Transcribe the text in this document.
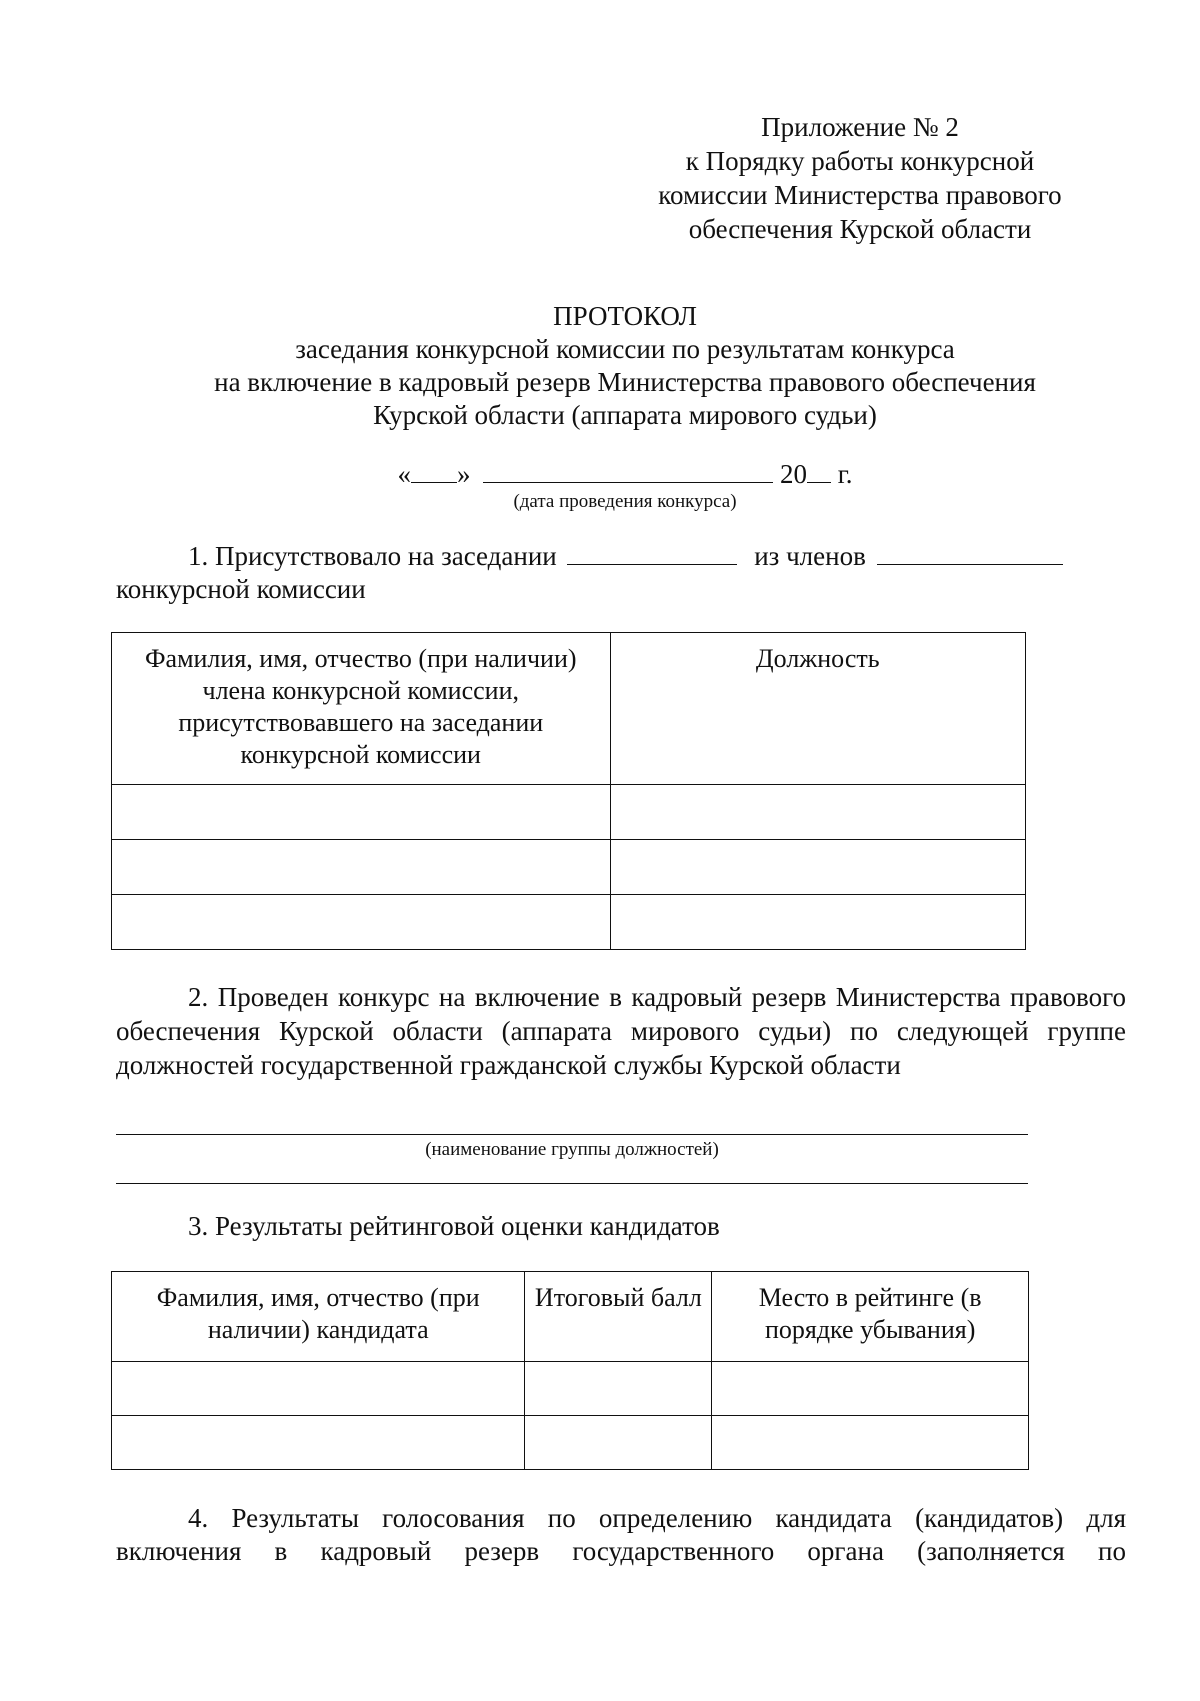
Приложение № 2
к Порядку работы конкурсной
комиссии Министерства правового
обеспечения Курской области
ПРОТОКОЛ
заседания конкурсной комиссии по результатам конкурса
на включение в кадровый резерв Министерства правового обеспечения
Курской области (аппарата мирового судьи)
« »	20 г.
(дата проведения конкурса)
1. Присутствовало на заседании	из членов
конкурсной комиссии
Фамилия, имя, отчество (при наличии) члена конкурсной комиссии, присутствовавшего на заседании конкурсной комиссии	Должность

2. Проведен конкурс на включение в кадровый резерв Министерства правового обеспечения Курской области (аппарата мирового судьи) по следующей группе должностей государственной гражданской службы Курской области
(наименование группы должностей)
3. Результаты рейтинговой оценки кандидатов
Фамилия, имя, отчество (при наличии) кандидата	Итоговый балл	Место в рейтинге (в порядке убывания)

4. Результаты голосования по определению кандидата (кандидатов) для
включения в кадровый резерв государственного органа (заполняется по
